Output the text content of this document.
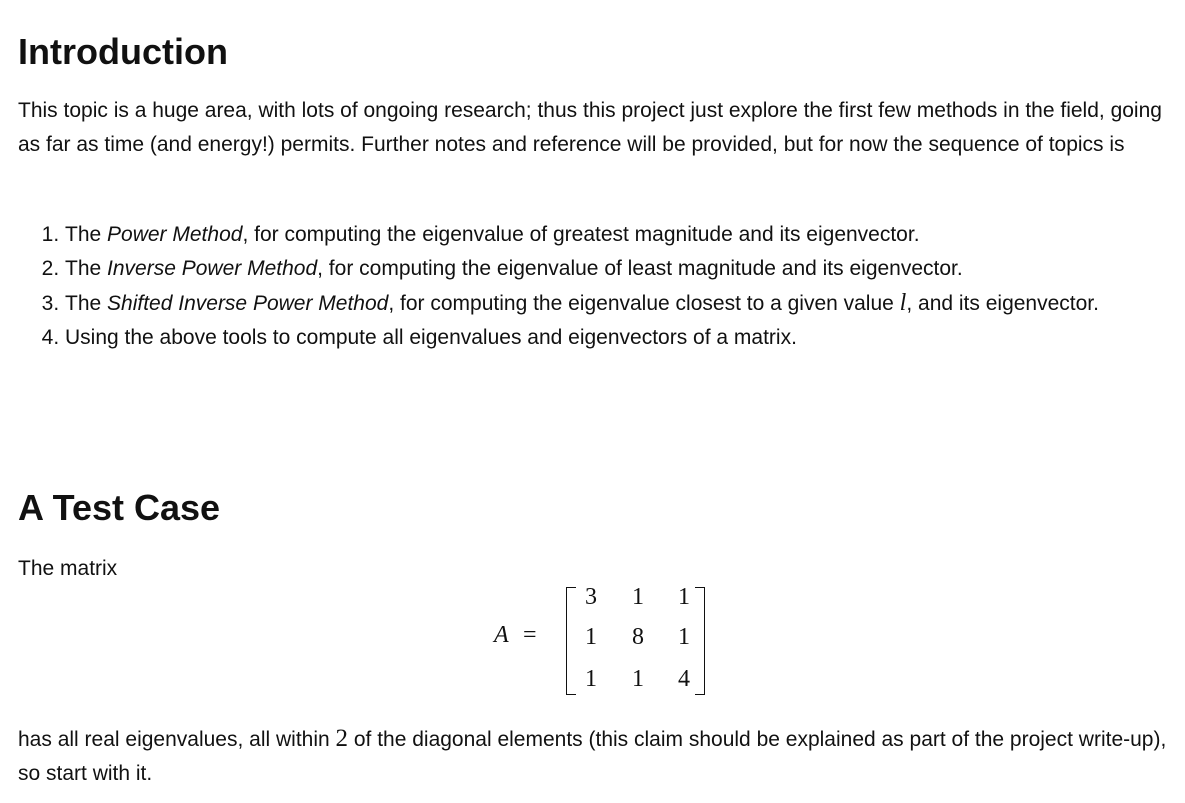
Introduction

This topic is a huge area, with lots of ongoing research; thus this project just explore the first few methods in the field, going as far as time (and energy!) permits. Further notes and reference will be provided, but for now the sequence of topics is

1. The Power Method, for computing the eigenvalue of greatest magnitude and its eigenvector.
2. The Inverse Power Method, for computing the eigenvalue of least magnitude and its eigenvector.
3. The Shifted Inverse Power Method, for computing the eigenvalue closest to a given value l, and its eigenvector.
4. Using the above tools to compute all eigenvalues and eigenvectors of a matrix.
A Test Case

The matrix

A =
3	1	1
1	8	1
1	1	4

has all real eigenvalues, all within 2 of the diagonal elements (this claim should be explained as part of the project write-up), so start with it.
